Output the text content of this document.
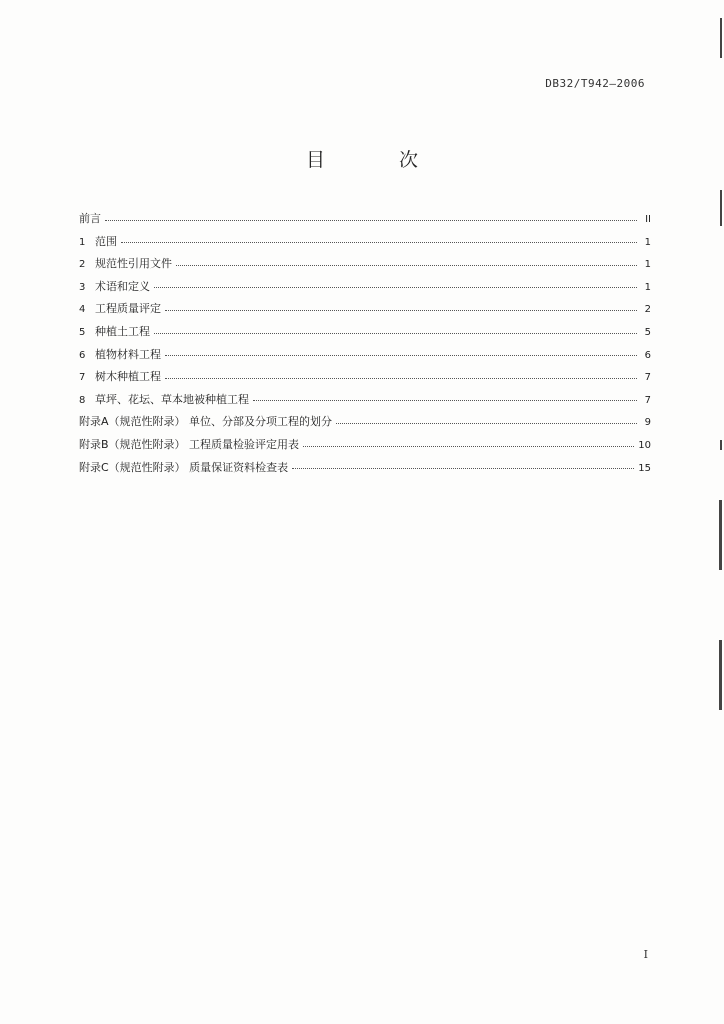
DB32/T942—2006
目 次
前言	II
1 范围	1
2 规范性引用文件	1
3 术语和定义	1
4 工程质量评定	2
5 种植土工程	5
6 植物材料工程	6
7 树木种植工程	7
8 草坪、花坛、草本地被种植工程	7
附录A（规范性附录） 单位、分部及分项工程的划分	9
附录B（规范性附录） 工程质量检验评定用表	10
附录C（规范性附录） 质量保证资料检查表	15
I
